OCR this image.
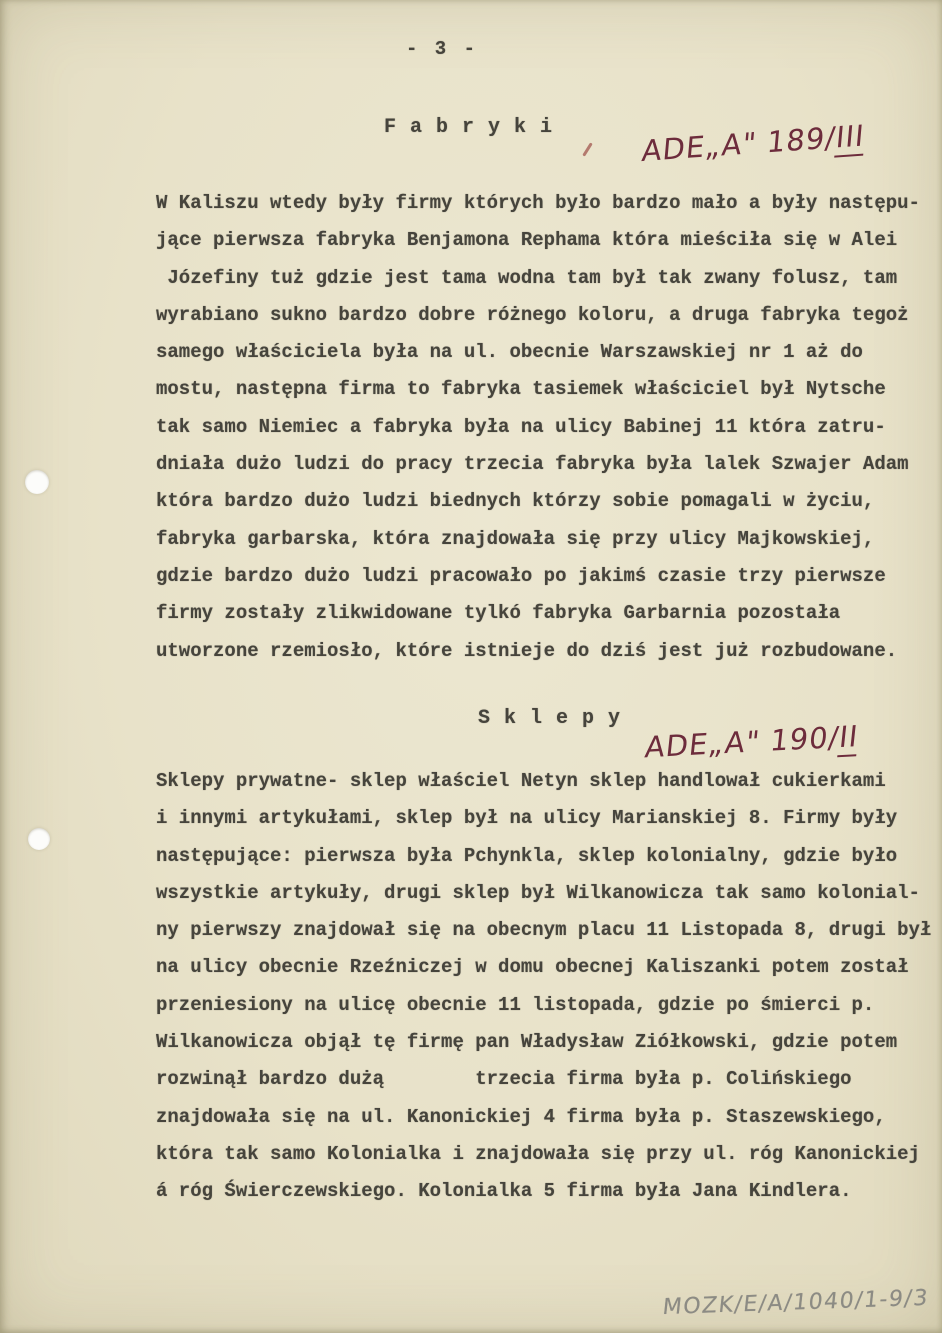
- 3 -
F a b r y k i	ADE„A" 189/III

W Kaliszu wtedy były firmy których było bardzo mało a były następu-
jące pierwsza fabryka Benjamona Rephama która mieściła się w Alei
Józefiny tuż gdzie jest tama wodna tam był tak zwany folusz, tam
wyrabiano sukno bardzo dobre różnego koloru, a druga fabryka tegoż
samego właściciela była na ul. obecnie Warszawskiej nr 1 aż do
mostu, następna firma to fabryka tasiemek właściciel był Nytsche
tak samo Niemiec a fabryka była na ulicy Babinej 11 która zatru-
dniała dużo ludzi do pracy trzecia fabryka była lalek Szwajer Adam
która bardzo dużo ludzi biednych którzy sobie pomagali w życiu,
fabryka garbarska, która znajdowała się przy ulicy Majkowskiej,
gdzie bardzo dużo ludzi pracowało po jakimś czasie trzy pierwsze
firmy zostały zlikwidowane tylkó fabryka Garbarnia pozostała
utworzone rzemiosło, które istnieje do dziś jest już rozbudowane.
S k l e p y

ADE„A" 190/II

Sklepy prywatne- sklep właściel Netyn sklep handlował cukierkami
i innymi artykułami, sklep był na ulicy Marianskiej 8. Firmy były
następujące: pierwsza była Pchynkla, sklep kolonialny, gdzie było
wszystkie artykuły, drugi sklep był Wilkanowicza tak samo kolonial-
ny pierwszy znajdował się na obecnym placu 11 Listopada 8, drugi był
na ulicy obecnie Rzeźniczej w domu obecnej Kaliszanki potem został
przeniesiony na ulicę obecnie 11 listopada, gdzie po śmierci p.
Wilkanowicza objął tę firmę pan Władysław Ziółkowski, gdzie potem
rozwinął bardzo dużą        trzecia firma była p. Colińskiego
znajdowała się na ul. Kanonickiej 4 firma była p. Staszewskiego,
która tak samo Kolonialka i znajdowała się przy ul. róg Kanonickiej
á róg Świerczewskiego. Kolonialka 5 firma była Jana Kindlera.
MOZK/E/A/1040/1-9/3
